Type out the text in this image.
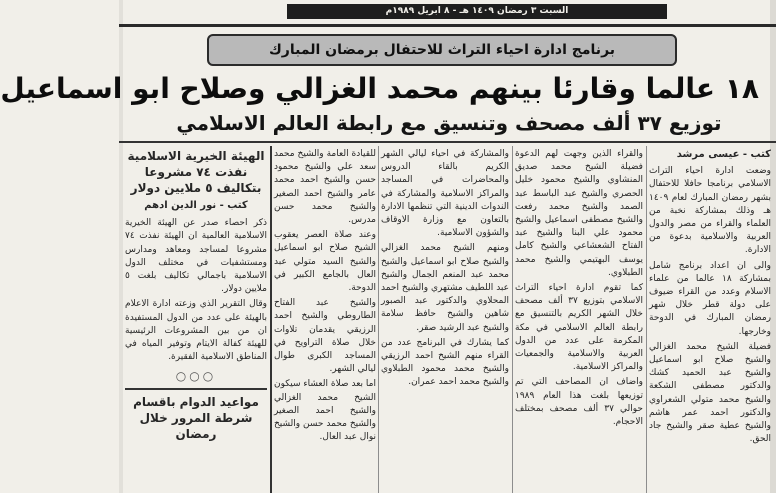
السبت ٣ رمضان ١٤٠٩ هـ - ٨ ابريل ١٩٨٩م
برنامج ادارة احياء التراث للاحتفال برمضان المبارك
١٨ عالما وقارئا بينهم محمد الغزالي وصلاح ابو اسماعيل
توزيع ٣٧ ألف مصحف وتنسيق مع رابطة العالم الاسلامي

كتب - عيسى مرشد

وضعت ادارة احياء التراث الاسلامي برنامجا حافلا للاحتفال بشهر رمضان المبارك لعام ١٤٠٩ هـ وذلك بمشاركة نخبة من العلماء والقراء من مصر والدول العربية والاسلامية بدعوة من الادارة.

والى ان اعداد برنامج شامل بمشاركة ١٨ عالما من علماء الاسلام وعدد من القراء ضيوف على دولة قطر خلال شهر رمضان المبارك في الدوحة وخارجها.

فضيلة الشيخ محمد الغزالي والشيخ صلاح ابو اسماعيل والشيخ عبد الحميد كشك والدكتور مصطفى الشكعة والشيخ محمد متولي الشعراوي والدكتور احمد عمر هاشم والشيخ عطية صقر والشيخ جاد الحق.

والقراء الذين وجهت لهم الدعوة فضيلة الشيخ محمد صديق المنشاوي والشيخ محمود خليل الحصري والشيخ عبد الباسط عبد الصمد والشيخ محمد رفعت والشيخ مصطفى اسماعيل والشيخ محمود علي البنا والشيخ عبد الفتاح الشعشاعي والشيخ كامل يوسف البهتيمي والشيخ محمد الطبلاوي.

كما تقوم ادارة احياء التراث الاسلامي بتوزيع ٣٧ ألف مصحف خلال الشهر الكريم بالتنسيق مع رابطة العالم الاسلامي في مكة المكرمة على عدد من الدول العربية والاسلامية والجمعيات والمراكز الاسلامية.

واضاف ان المصاحف التي تم توزيعها بلغت هذا العام ١٩٨٩ حوالي ٣٧ ألف مصحف بمختلف الاحجام.

والمشاركة في احياء ليالي الشهر الكريم بالقاء الدروس والمحاضرات في المساجد والمراكز الاسلامية والمشاركة في الندوات الدينية التي تنظمها الادارة بالتعاون مع وزارة الاوقاف والشؤون الاسلامية.

ومنهم الشيخ محمد الغزالي والشيخ صلاح ابو اسماعيل والشيخ محمد عبد المنعم الجمال والشيخ عبد اللطيف مشتهري والشيخ احمد المحلاوي والدكتور عبد الصبور شاهين والشيخ حافظ سلامة والشيخ عبد الرشيد صقر.

كما يشارك في البرنامج عدد من القراء منهم الشيخ احمد الرزيقي والشيخ محمد محمود الطبلاوي والشيخ محمد احمد عمران.

للقيادة العامة والشيخ محمد سعد علي والشيخ محمود حسن والشيخ احمد محمد عامر والشيخ احمد الصغير والشيخ محمد حسن مدرس.

وعند صلاة العصر يعقوب الشيخ صلاح ابو اسماعيل والشيخ السيد متولي عبد العال بالجامع الكبير في الدوحة.

والشيخ عبد الفتاح الطاروطي والشيخ احمد الرزيقي يقدمان تلاوات خلال صلاة التراويح في المساجد الكبرى طوال ليالي الشهر.

اما بعد صلاة العشاء سيكون الشيخ محمد الغزالي والشيخ احمد الصغير والشيخ محمد حسن والشيخ نوال عبد العال.

الهيئة الخيرية الاسلامية نفذت ٧٤ مشروعا بتكاليف ٥ ملايين دولار

كتب - نور الدين ادهم

ذكر احصاء صدر عن الهيئة الخيرية الاسلامية العالمية ان الهيئة نفذت ٧٤ مشروعا لمساجد ومعاهد ومدارس ومستشفيات في مختلف الدول الاسلامية باجمالي تكاليف بلغت ٥ ملايين دولار.

وقال التقرير الذي وزعته ادارة الاعلام بالهيئة على عدد من الدول المستفيدة ان من بين المشروعات الرئيسية للهيئة كفالة الايتام وتوفير المياه في المناطق الاسلامية الفقيرة.

○○○

مواعيد الدوام باقسام شرطة المرور خلال رمضان
